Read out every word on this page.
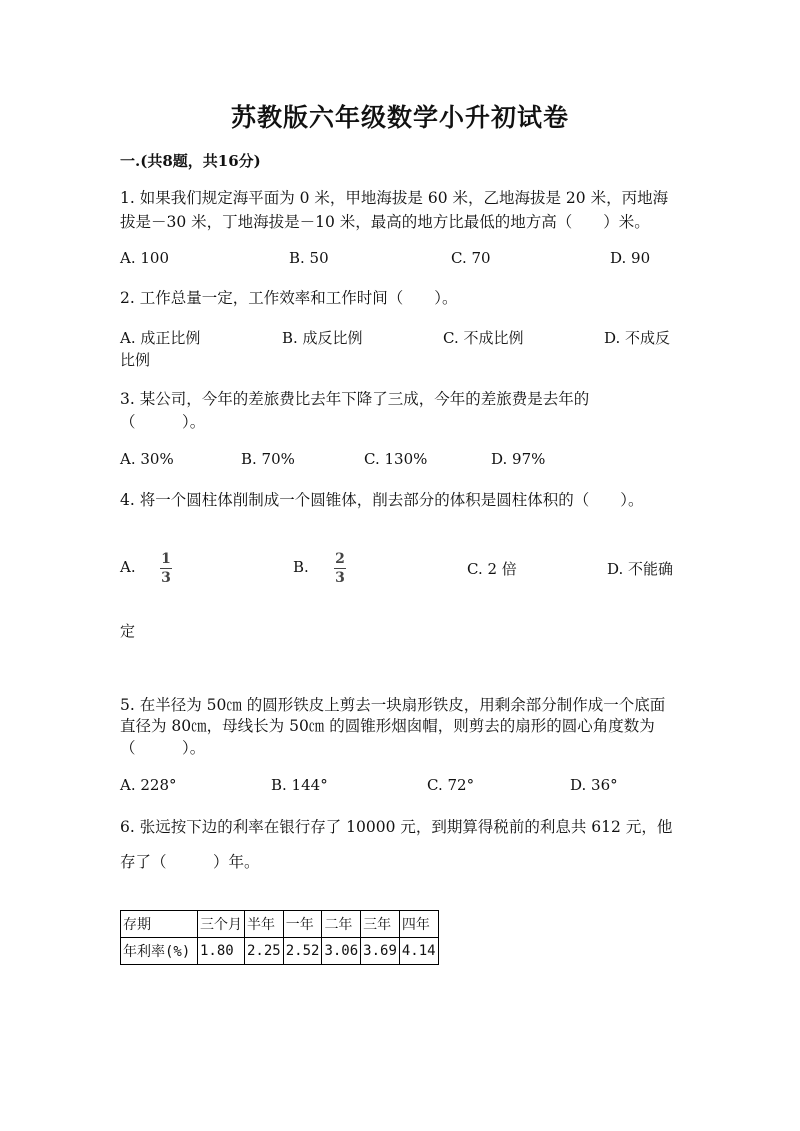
苏教版六年级数学小升初试卷
一.(共8题，共16分)
1. 如果我们规定海平面为 0 米，甲地海拔是 60 米，乙地海拔是 20 米，丙地海
拔是－30 米，丁地海拔是－10 米，最高的地方比最低的地方高（　　）米。
A. 100	B. 50	C. 70	D. 90
2. 工作总量一定，工作效率和工作时间（　　）。
A. 成正比例	B. 成反比例	C. 不成比例	D. 不成反
比例
3. 某公司，今年的差旅费比去年下降了三成，今年的差旅费是去年的
（　　　）。
A. 30%	B. 70%	C. 130%	D. 97%
4. 将一个圆柱体削制成一个圆锥体，削去部分的体积是圆柱体积的（　　）。
A. 1
3
B. 2
3	C. 2 倍	D. 不能确
定
5. 在半径为 50㎝ 的圆形铁皮上剪去一块扇形铁皮，用剩余部分制作成一个底面
直径为 80㎝，母线长为 50㎝ 的圆锥形烟囱帽，则剪去的扇形的圆心角度数为
（　　　）。
A. 228°	B. 144°	C. 72°	D. 36°
6. 张远按下边的利率在银行存了 10000 元，到期算得税前的利息共 612 元，他
存了（　　　）年。
存期	三个月	半年	一年	二年	三年	四年
年利率(%)	1.80	2.25	2.52	3.06	3.69	4.14
